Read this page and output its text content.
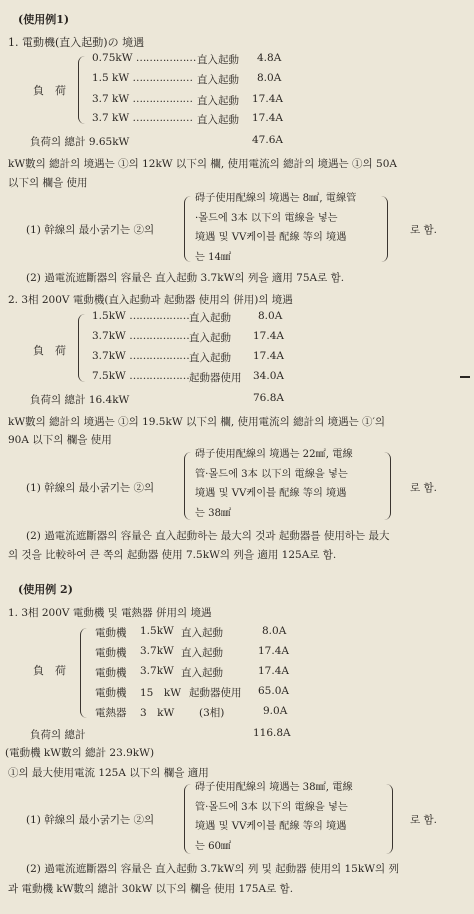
(使用例1)
1. 電動機(直入起動)の 境遇
負　荷
0.75kW ……………… 直入起動 4.8A
1.5 kW ……………… 直入起動 8.0A
3.7 kW ……………… 直入起動 17.4A
3.7 kW ……………… 直入起動 17.4A
負荷의 總計 9.65kW	47.6A
kW數의 總計의 境遇는 ①의 12kW 以下의 欄, 使用電流의 總計의 境遇는 ①의 50A
以下의 欄을 使用
(1) 幹線의 最小굵기는 ②의
碍子使用配線의 境遇는 8㎟, 電線管
·몰드에 3本 以下의 電線을 넣는
境遇 및 VV케이블 配線 等의 境遇
는 14㎟
로 함.
(2) 過電流遮斷器의 容量은 直入起動 3.7kW의 列을 適用 75A로 함.
2. 3相 200V 電動機(直入起動과 起動器 使用의 併用)의 境遇
負　荷
1.5kW ……………… 直入起動	8.0A
3.7kW ……………… 直入起動 17.4A
3.7kW ……………… 直入起動 17.4A
7.5kW ……………… 起動器使用 34.0A
負荷의 總計 16.4kW	76.8A
kW數의 總計의 境遇는 ①의 19.5kW 以下의 欄, 使用電流의 總計의 境遇는 ①′의
90A 以下의 欄을 使用
(1) 幹線의 最小굵기는 ②의
碍子使用配線의 境遇는 22㎟, 電線
管·몰드에 3本 以下의 電線을 넣는
境遇 및 VV케이블 配線 等의 境遇
는 38㎟
로 함.
(2) 過電流遮斷器의 容量은 直入起動하는 最大의 것과 起動器를 使用하는 最大
의 것을 比較하여 큰 쪽의 起動器 使用 7.5kW의 列을 適用 125A로 함.
(使用例 2)
1. 3相 200V 電動機 및 電熱器 併用의 境遇
負　荷
電動機 1.5kW 直入起動	8.0A
電動機 3.7kW 直入起動	17.4A
電動機 3.7kW 直入起動	17.4A
電動機 15　kW 起動器使用 65.0A
電熱器 3　kW (3相)	9.0A
負荷의 總計	116.8A
(電動機 kW數의 總計 23.9kW)
①의 最大使用電流 125A 以下의 欄을 適用
(1) 幹線의 最小굵기는 ②의
碍子使用配線의 境遇는 38㎟, 電線
管·몰드에 3本 以下의 電線을 넣는
境遇 및 VV케이블 配線 等의 境遇
는 60㎟
로 함.
(2) 過電流遮斷器의 容量은 直入起動 3.7kW의 列 및 起動器 使用의 15kW의 列
과 電動機 kW數의 總計 30kW 以下의 欄을 使用 175A로 함.
